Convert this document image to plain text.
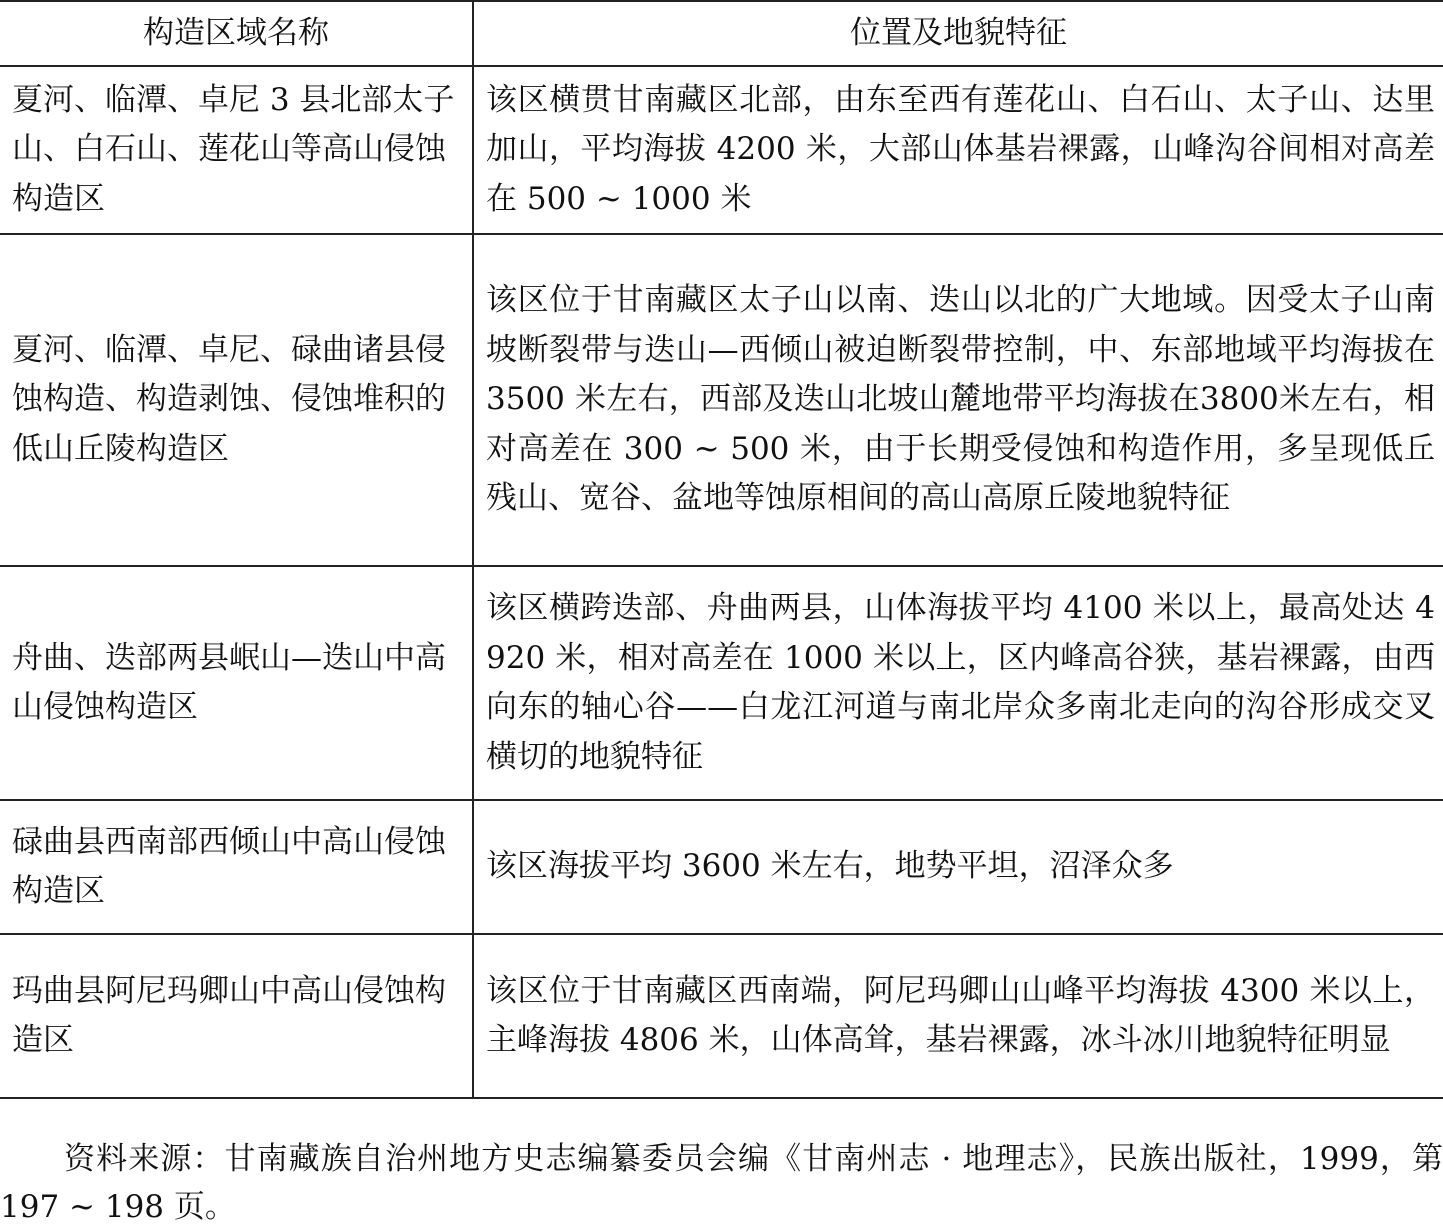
构造区域名称	位置及地貌特征
夏河、临潭、卓尼 3 县北部太子山、白石山、莲花山等高山侵蚀构造区	该区横贯甘南藏区北部，由东至西有莲花山、白石山、太子山、达里加山，平均海拔 4200 米，大部山体基岩裸露，山峰沟谷间相对高差在 500 ~ 1000 米
夏河、临潭、卓尼、碌曲诸县侵蚀构造、构造剥蚀、侵蚀堆积的低山丘陵构造区	该区位于甘南藏区太子山以南、迭山以北的广大地域。因受太子山南坡断裂带与迭山—西倾山被迫断裂带控制，中、东部地域平均海拔在3500 米左右，西部及迭山北坡山麓地带平均海拔在3800米左右，相对高差在 300 ~ 500 米，由于长期受侵蚀和构造作用，多呈现低丘残山、宽谷、盆地等蚀原相间的高山高原丘陵地貌特征
舟曲、迭部两县岷山—迭山中高山侵蚀构造区	该区横跨迭部、舟曲两县，山体海拔平均 4100 米以上，最高处达 4920 米，相对高差在 1000 米以上，区内峰高谷狭，基岩裸露，由西向东的轴心谷——白龙江河道与南北岸众多南北走向的沟谷形成交叉横切的地貌特征
碌曲县西南部西倾山中高山侵蚀构造区	该区海拔平均 3600 米左右，地势平坦，沼泽众多
玛曲县阿尼玛卿山中高山侵蚀构造区	该区位于甘南藏区西南端，阿尼玛卿山山峰平均海拔 4300 米以上，主峰海拔 4806 米，山体高耸，基岩裸露，冰斗冰川地貌特征明显

资料来源：甘南藏族自治州地方史志编纂委员会编《甘南州志 · 地理志》，民族出版社，1999，第197 ~ 198 页。
